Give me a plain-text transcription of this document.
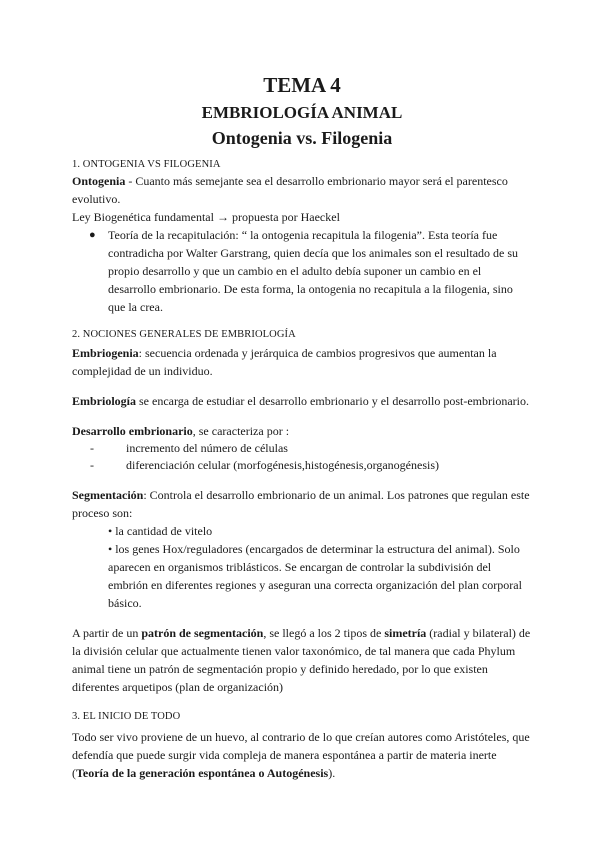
TEMA 4
EMBRIOLOGÍA ANIMAL
Ontogenia vs. Filogenia

1. ONTOGENIA VS FILOGENIA

Ontogenia - Cuanto más semejante sea el desarrollo embrionario mayor será el parentesco evolutivo.

Ley Biogenética fundamental → propuesta por Haeckel

● Teoría de la recapitulación: “ la ontogenia recapitula la filogenia”. Esta teoría fue contradicha por Walter Garstrang, quien decía que los animales son el resultado de su propio desarrollo y que un cambio en el adulto debía suponer un cambio en el desarrollo embrionario. De esta forma, la ontogenia no recapitula a la filogenia, sino que la crea.

2. NOCIONES GENERALES DE EMBRIOLOGÍA

Embriogenia: secuencia ordenada y jerárquica de cambios progresivos que aumentan la complejidad de un individuo.

Embriología se encarga de estudiar el desarrollo embrionario y el desarrollo post-embrionario.

Desarrollo embrionario, se caracteriza por :

-	incremento del número de células
-	diferenciación celular (morfogénesis,histogénesis,organogénesis)

Segmentación: Controla el desarrollo embrionario de un animal. Los patrones que regulan este proceso son:

• la cantidad de vitelo

• los genes Hox/reguladores (encargados de determinar la estructura del animal). Solo aparecen en organismos triblásticos. Se encargan de controlar la subdivisión del embrión en diferentes regiones y aseguran una correcta organización del plan corporal básico.

A partir de un patrón de segmentación, se llegó a los 2 tipos de simetría (radial y bilateral) de la división celular que actualmente tienen valor taxonómico, de tal manera que cada Phylum animal tiene un patrón de segmentación propio y definido heredado, por lo que existen diferentes arquetipos (plan de organización)

3. EL INICIO DE TODO

Todo ser vivo proviene de un huevo, al contrario de lo que creían autores como Aristóteles, que defendía que puede surgir vida compleja de manera espontánea a partir de materia inerte (Teoría de la generación espontánea o Autogénesis).
